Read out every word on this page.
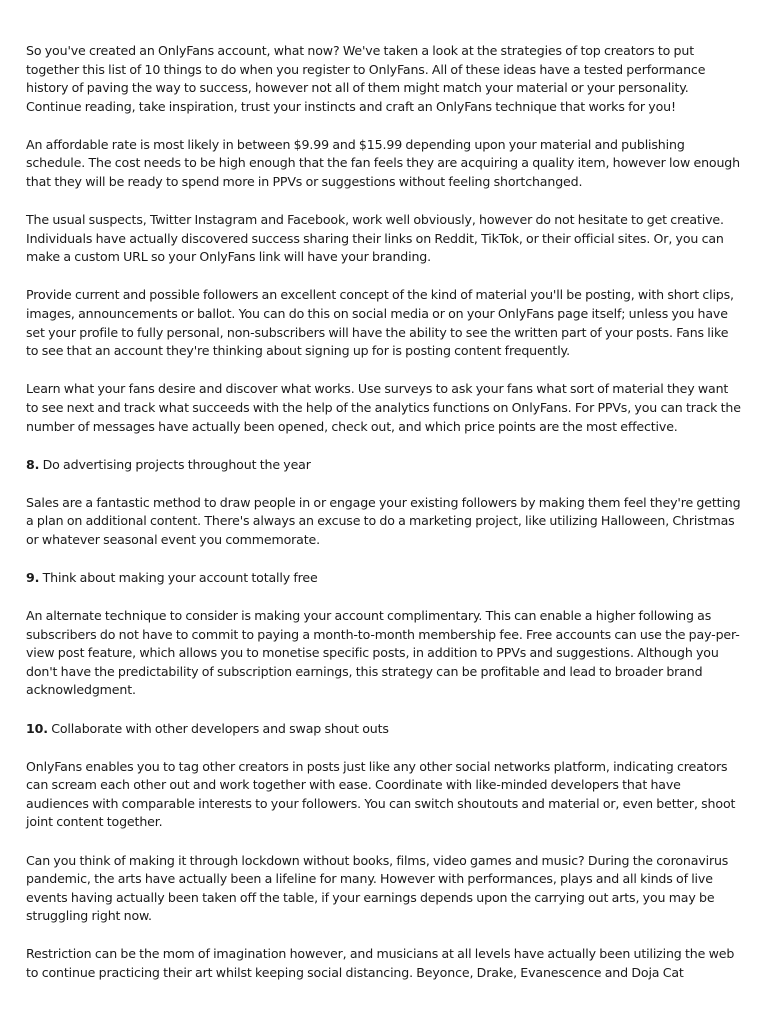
So you've created an OnlyFans account, what now? We've taken a look at the strategies of top creators to put together this list of 10 things to do when you register to OnlyFans. All of these ideas have a tested performance history of paving the way to success, however not all of them might match your material or your personality. Continue reading, take inspiration, trust your instincts and craft an OnlyFans technique that works for you!

An affordable rate is most likely in between $9.99 and $15.99 depending upon your material and publishing schedule. The cost needs to be high enough that the fan feels they are acquiring a quality item, however low enough that they will be ready to spend more in PPVs or suggestions without feeling shortchanged.

The usual suspects, Twitter Instagram and Facebook, work well obviously, however do not hesitate to get creative. Individuals have actually discovered success sharing their links on Reddit, TikTok, or their official sites. Or, you can make a custom URL so your OnlyFans link will have your branding.

Provide current and possible followers an excellent concept of the kind of material you'll be posting, with short clips, images, announcements or ballot. You can do this on social media or on your OnlyFans page itself; unless you have set your profile to fully personal, non-subscribers will have the ability to see the written part of your posts. Fans like to see that an account they're thinking about signing up for is posting content frequently.

Learn what your fans desire and discover what works. Use surveys to ask your fans what sort of material they want to see next and track what succeeds with the help of the analytics functions on OnlyFans. For PPVs, you can track the number of messages have actually been opened, check out, and which price points are the most effective.

8. Do advertising projects throughout the year

Sales are a fantastic method to draw people in or engage your existing followers by making them feel they're getting a plan on additional content. There's always an excuse to do a marketing project, like utilizing Halloween, Christmas or whatever seasonal event you commemorate.

9. Think about making your account totally free

An alternate technique to consider is making your account complimentary. This can enable a higher following as subscribers do not have to commit to paying a month-to-month membership fee. Free accounts can use the pay-per-view post feature, which allows you to monetise specific posts, in addition to PPVs and suggestions. Although you don't have the predictability of subscription earnings, this strategy can be profitable and lead to broader brand acknowledgment.

10. Collaborate with other developers and swap shout outs

OnlyFans enables you to tag other creators in posts just like any other social networks platform, indicating creators can scream each other out and work together with ease. Coordinate with like-minded developers that have audiences with comparable interests to your followers. You can switch shoutouts and material or, even better, shoot joint content together.

Can you think of making it through lockdown without books, films, video games and music? During the coronavirus pandemic, the arts have actually been a lifeline for many. However with performances, plays and all kinds of live events having actually been taken off the table, if your earnings depends upon the carrying out arts, you may be struggling right now.

Restriction can be the mom of imagination however, and musicians at all levels have actually been utilizing the web to continue practicing their art whilst keeping social distancing. Beyonce, Drake, Evanescence and Doja Cat
